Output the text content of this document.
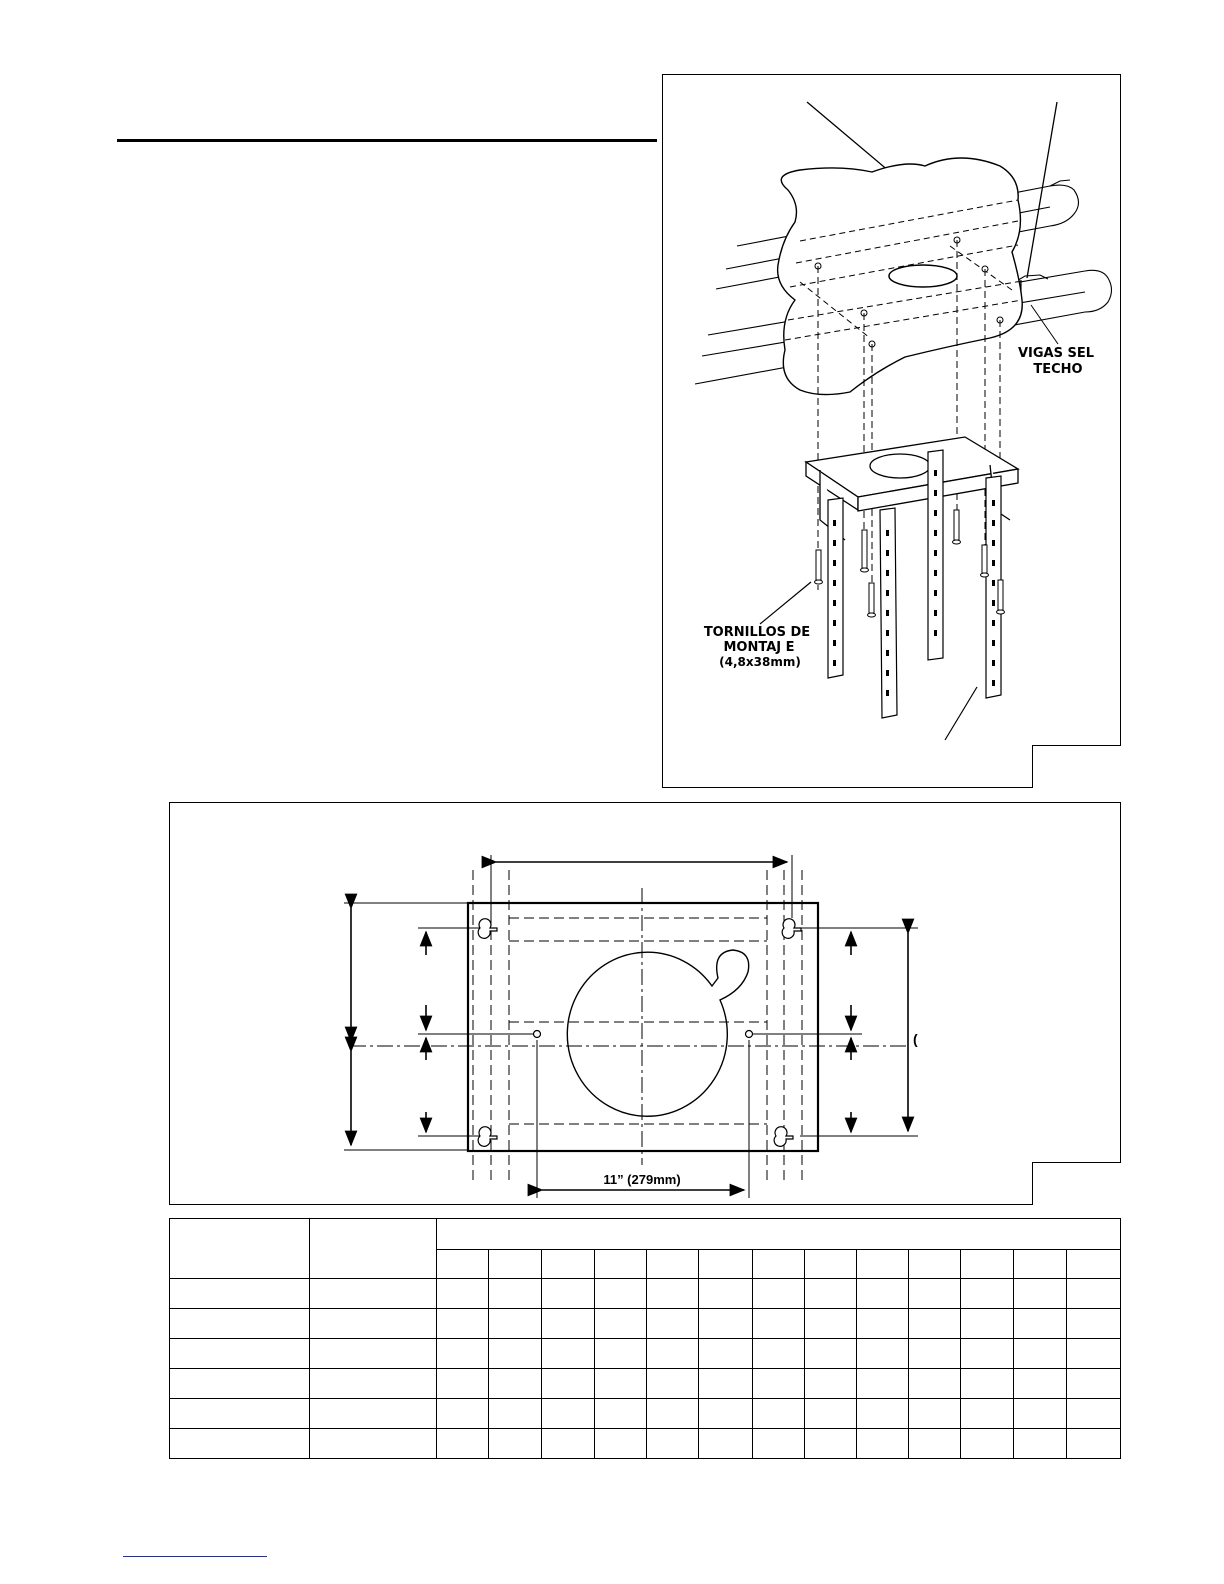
VIGAS SEL
TECHO
TORNILLOS DE
MONTAJ E
(4,8x38mm)
11” (279mm)
(
